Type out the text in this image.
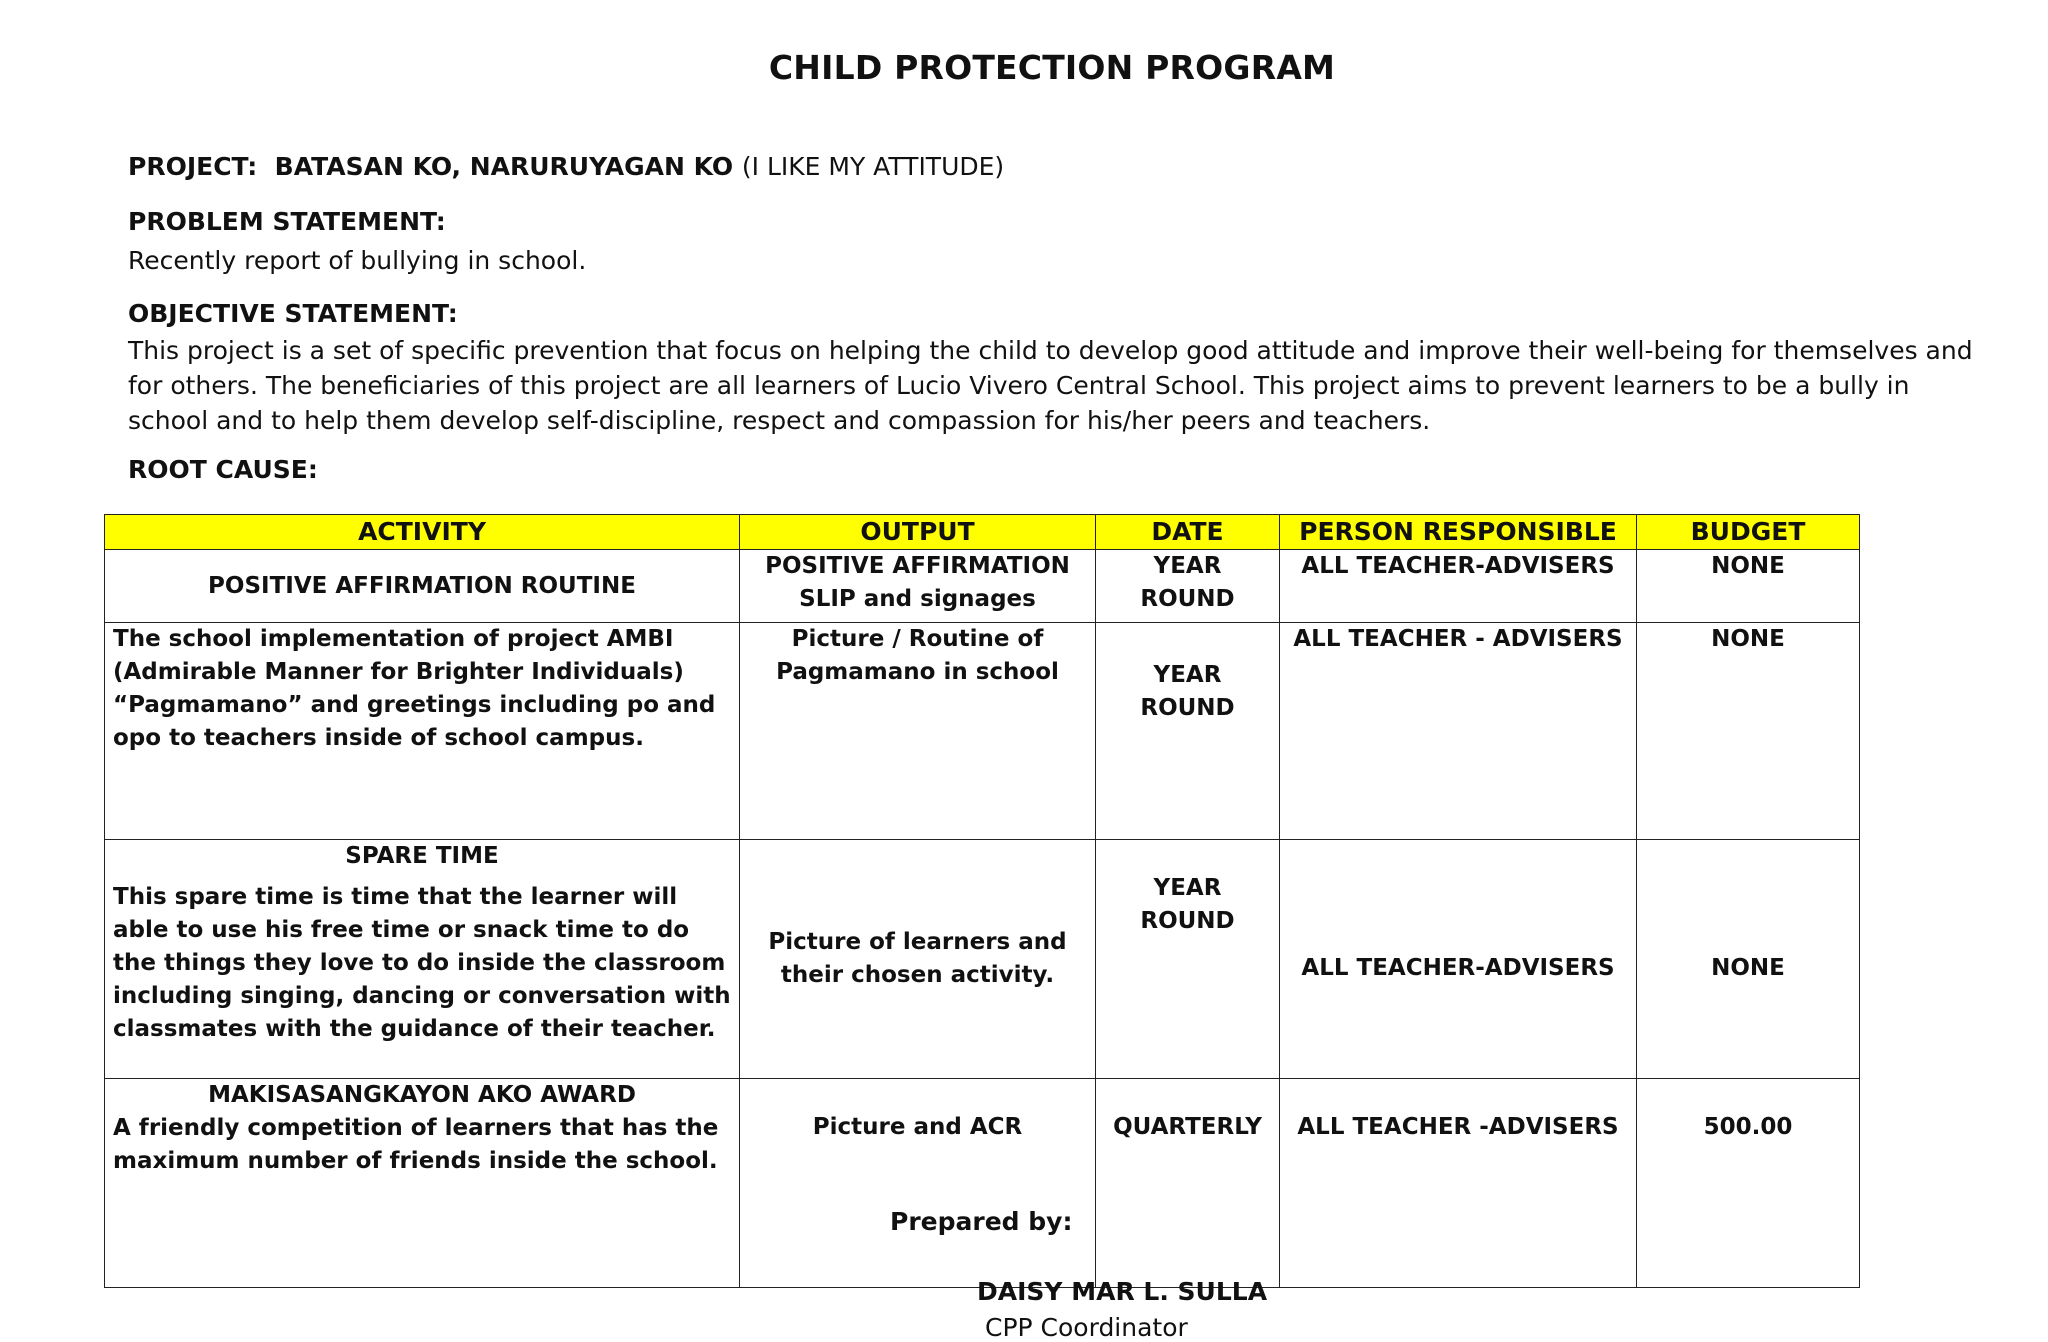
CHILD PROTECTION PROGRAM
PROJECT: BATASAN KO, NARURUYAGAN KO (I LIKE MY ATTITUDE)
PROBLEM STATEMENT:
Recently report of bullying in school.
OBJECTIVE STATEMENT:
This project is a set of specific prevention that focus on helping the child to develop good attitude and improve their well-being for themselves and for others. The beneficiaries of this project are all learners of Lucio Vivero Central School. This project aims to prevent learners to be a bully in school and to help them develop self-discipline, respect and compassion for his/her peers and teachers.
ROOT CAUSE:
ACTIVITY	OUTPUT	DATE	PERSON RESPONSIBLE	BUDGET

POSITIVE AFFIRMATION ROUTINE	POSITIVE AFFIRMATION SLIP and signages	YEAR ROUND	ALL TEACHER-ADVISERS	NONE

The school implementation of project AMBI (Admirable Manner for Brighter Individuals) “Pagmamano” and greetings including po and opo to teachers inside of school campus.	Picture / Routine of Pagmamano in school	YEAR ROUND	ALL TEACHER - ADVISERS	NONE

SPARE TIME
This spare time is time that the learner will able to use his free time or snack time to do the things they love to do inside the classroom including singing, dancing or conversation with classmates with the guidance of their teacher.	Picture of learners and their chosen activity.	YEAR ROUND	ALL TEACHER-ADVISERS	NONE

MAKISASANGKAYON AKO AWARD
A friendly competition of learners that has the maximum number of friends inside the school.	Picture and ACR	QUARTERLY	ALL TEACHER -ADVISERS	500.00
Prepared by:
DAISY MAR L. SULLA
CPP Coordinator
